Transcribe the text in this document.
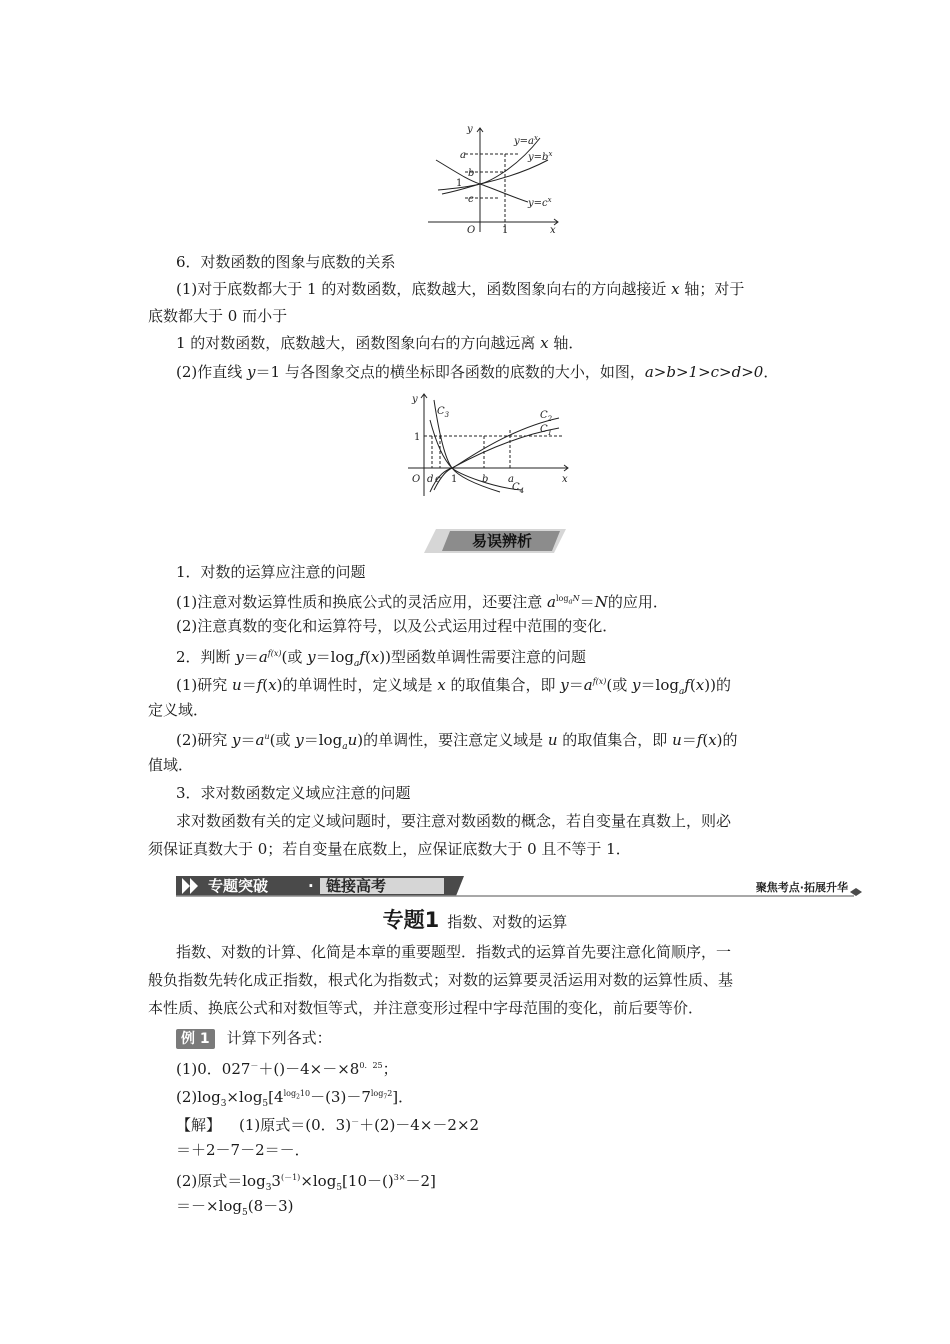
y
x
O
a
b
c
1
1
$y=a^x$
$y=b^x$
$y=c^x$
6．对数函数的图象与底数的关系
(1)对于底数都大于 1 的对数函数，底数越大，函数图象向右的方向越接近 x 轴；对于
底数都大于 0 而小于
1 的对数函数，底数越大，函数图象向右的方向越远离 x 轴．
(2)作直线 y＝1 与各图象交点的横坐标即各函数的底数的大小，如图，a>b>1>c>d>0．
y
x
O
1
d c 1 b a
$C_3$	$C_2$
$C_1$
$C_4$
易误辨析
1．对数的运算应注意的问题
(1)注意对数运算性质和换底公式的灵活应用，还要注意 $a^{log_aN}=N$的应用．
(2)注意真数的变化和运算符号，以及公式运用过程中范围的变化．
2．判断 $y=a^{f(x)}$(或 $y=\log_af(x)$)型函数单调性需要注意的问题
(1)研究 u＝f(x)的单调性时，定义域是 x 的取值集合，即 $y=a^{f(x)}$(或 $y=\log_af(x)$)的
定义域．
(2)研究 $y=a^u$(或 $y=\log_au$)的单调性，要注意定义域是 u 的取值集合，即 u＝f(x)的
值域．
3．求对数函数定义域应注意的问题
求对数函数有关的定义域问题时，要注意对数函数的概念，若自变量在真数上，则必
须保证真数大于 0；若自变量在底数上，应保证底数大于 0 且不等于 1．
专题突破	· 链接高考	聚焦考点·拓展升华
专题1 指数、对数的运算
指数、对数的计算、化简是本章的重要题型．指数式的运算首先要注意化简顺序，一
般负指数先转化成正指数，根式化为指数式；对数的运算要灵活运用对数的运算性质、基
本性质、换底公式和对数恒等式，并注意变形过程中字母范围的变化，前后要等价．
例 1 计算下列各式：
(1)0．$027^-+()-4\times-\times 8^{0.25}$；
$(2)\log_3\times\log_5[4^{log_210}-(3)-7^{log_72}]$．
【解】 (1)原式＝(0．3)－＋(2)－4×－2×2
＝＋2－7－2＝－．
(2)原式$=\log_33^{(-1)}\times\log_5[10-()^{3\times}-2]$
$=-\times\log_5(8-3)$
